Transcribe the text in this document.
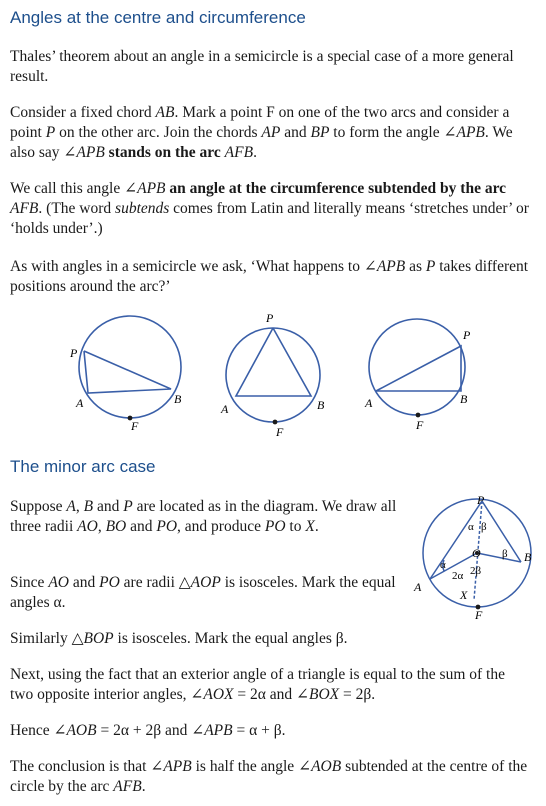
Angles at the centre and circumference

Thales’ theorem about an angle in a semicircle is a special case of a more general result.

Consider a fixed chord AB. Mark a point F on one of the two arcs and consider a point P on the other arc. Join the chords AP and BP to form the angle ∠APB. We also say ∠APB stands on the arc AFB.

We call this angle ∠APB an angle at the circumference subtended by the arc AFB. (The word subtends comes from Latin and literally means ‘stretches under’ or ‘holds under’.)

As with angles in a semicircle we ask, ‘What happens to ∠APB as P takes different positions around the arc?’

P
A	B
F
P
A	B
F
P
A	B
F
The minor arc case

Suppose A, B and P are located as in the diagram. We draw all three radii AO, BO and PO, and produce PO to X.

Since AO and PO are radii △AOP is isosceles. Mark the equal angles α.

P
α β
O β B
α
2α 2β
A
X
F

Similarly △BOP is isosceles. Mark the equal angles β.

Next, using the fact that an exterior angle of a triangle is equal to the sum of the two opposite interior angles, ∠AOX = 2α and ∠BOX = 2β.

Hence ∠AOB = 2α + 2β and ∠APB = α + β.

The conclusion is that ∠APB is half the angle ∠AOB subtended at the centre of the circle by the arc AFB.
